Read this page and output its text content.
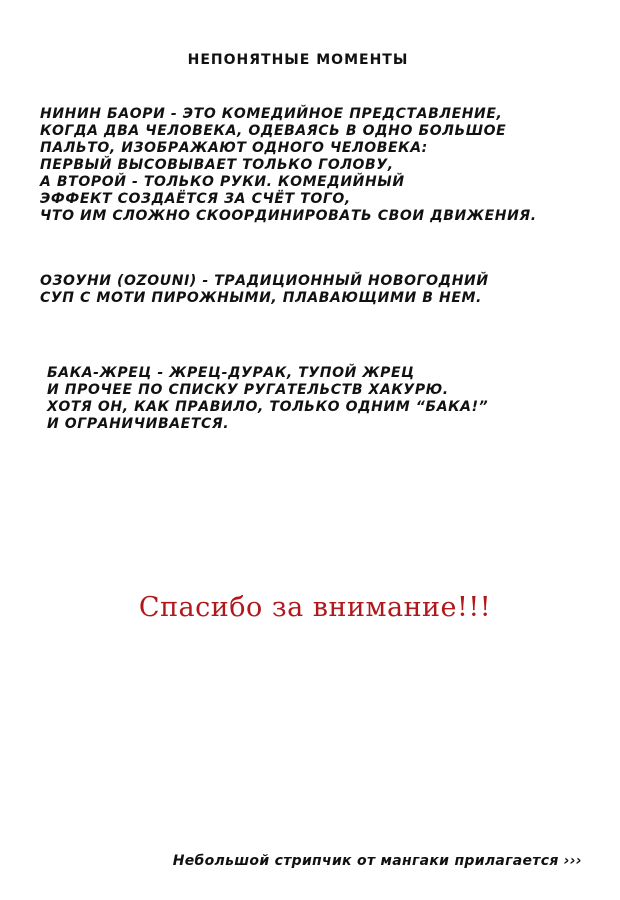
НЕПОНЯТНЫЕ МОМЕНТЫ

НИНИН БАОРИ - ЭТО КОМЕДИЙНОЕ ПРЕДСТАВЛЕНИЕ,
КОГДА ДВА ЧЕЛОВЕКА, ОДЕВАЯСЬ В ОДНО БОЛЬШОЕ
ПАЛЬТО, ИЗОБРАЖАЮТ ОДНОГО ЧЕЛОВЕКА:
ПЕРВЫЙ ВЫСОВЫВАЕТ ТОЛЬКО ГОЛОВУ,
А ВТОРОЙ - ТОЛЬКО РУКИ. КОМЕДИЙНЫЙ
ЭФФЕКТ СОЗДАЁТСЯ ЗА СЧЁТ ТОГО,
ЧТО ИМ СЛОЖНО СКООРДИНИРОВАТЬ СВОИ ДВИЖЕНИЯ.

ОЗОУНИ (OZOUNI) - ТРАДИЦИОННЫЙ НОВОГОДНИЙ
СУП С МОТИ ПИРОЖНЫМИ, ПЛАВАЮЩИМИ В НЕМ.

БАКА-ЖРЕЦ - ЖРЕЦ-ДУРАК, ТУПОЙ ЖРЕЦ
И ПРОЧЕЕ ПО СПИСКУ РУГАТЕЛЬСТВ ХАКУРЮ.
ХОТЯ ОН, КАК ПРАВИЛО, ТОЛЬКО ОДНИМ “БАКА!”
И ОГРАНИЧИВАЕТСЯ.

Спасибо за внимание!!!
Небольшой стрипчик от мангаки прилагается ›››
